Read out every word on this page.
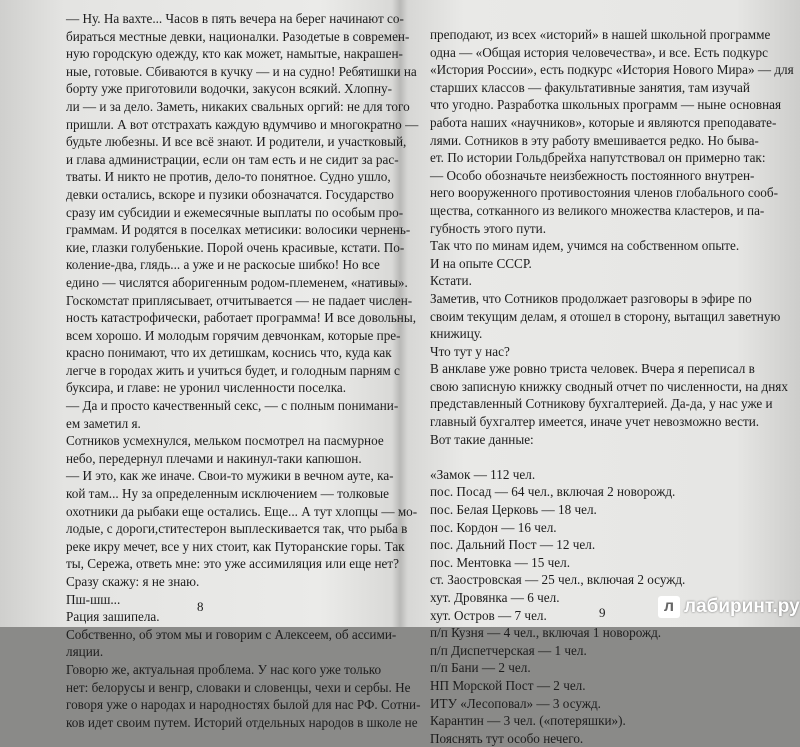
— Ну. На вахте... Часов в пять вечера на берег начинают со-
бираться местные девки, националки. Разодетые в современ-
ную городскую одежду, кто как может, намытые, накрашен-
ные, готовые. Сбиваются в кучку — и на судно! Ребятишки на
борту уже приготовили водочки, закусон всякий. Хлопну-
ли — и за дело. Заметь, никаких свальных оргий: не для того
пришли. А вот отстрахать каждую вдумчиво и многократно —
будьте любезны. И все всё знают. И родители, и участковый,
и глава администрации, если он там есть и не сидит за рас-
тваты. И никто не против, дело-то понятное. Судно ушло,
девки остались, вскоре и пузики обозначатся. Государство
сразу им субсидии и ежемесячные выплаты по особым про-
граммам. И родятся в поселках метисики: волосики чернень-
кие, глазки голубенькие. Порой очень красивые, кстати. По-
коление-два, глядь... а уже и не раскосые шибко! Но все
едино — числятся аборигенным родом-племенем, «нативы».
Госкомстат приплясывает, отчитывается — не падает числен-
ность катастрофически, работает программа! И все довольны,
всем хорошо. И молодым горячим девчонкам, которые пре-
красно понимают, что их детишкам, коснись что, куда как
легче в городах жить и учиться будет, и голодным парням с
буксира, и главе: не уронил численности поселка.
— Да и просто качественный секс, — с полным понимани-
ем заметил я.
Сотников усмехнулся, мельком посмотрел на пасмурное
небо, передернул плечами и накинул-таки капюшон.
— И это, как же иначе. Свои-то мужики в вечном ауте, ка-
кой там... Ну за определенным исключением — толковые
охотники да рыбаки еще остались. Еще... А тут хлопцы — мо-
лодые, с дороги,ститестерон выплескивается так, что рыба в
реке икру мечет, все у них стоит, как Путоранские горы. Так
ты, Сережа, ответь мне: это уже ассимиляция или еще нет?
Сразу скажу: я не знаю.
Пш-шш...
Рация зашипела.
Собственно, об этом мы и говорим с Алексеем, об ассими-
ляции.
Говорю же, актуальная проблема. У нас кого уже только
нет: белорусы и венгр, словаки и словенцы, чехи и сербы. Не
говоря уже о народах и народностях былой для нас РФ. Сотни-
ков идет своим путем. Историй отдельных народов в школе не
8
преподают, из всех «историй» в нашей школьной программе
одна — «Общая история человечества», и все. Есть подкурс
«История России», есть подкурс «История Нового Мира» — для
старших классов — факультативные занятия, там изучай
что угодно. Разработка школьных программ — ныне основная
работа наших «научников», которые и являются преподавате-
лями. Сотников в эту работу вмешивается редко. Но быва-
ет. По истории Гольдбрейха напутствовал он примерно так:
— Особо обозначьте неизбежность постоянного внутрен-
него вооруженного противостояния членов глобального сооб-
щества, сотканного из великого множества кластеров, и па-
губность этого пути.
Так что по минам идем, учимся на собственном опыте.
И на опыте СССР.
Кстати.
Заметив, что Сотников продолжает разговоры в эфире по
своим текущим делам, я отошел в сторону, вытащил заветную
книжицу.
Что тут у нас?
В анклаве уже ровно триста человек. Вчера я переписал в
свою записную книжку сводный отчет по численности, на днях
представленный Сотникову бухгалтерией. Да-да, у нас уже и
главный бухгалтер имеется, иначе учет невозможно вести.
Вот такие данные:

«Замок — 112 чел.
пос. Посад — 64 чел., включая 2 новорожд.
пос. Белая Церковь — 18 чел.
пос. Кордон — 16 чел.
пос. Дальний Пост — 12 чел.
пос. Ментовка — 15 чел.
ст. Заостровская — 25 чел., включая 2 осужд.
хут. Дровянка — 6 чел.
хут. Остров — 7 чел.
п/п Кузня — 4 чел., включая 1 новорожд.
п/п Диспетчерская — 1 чел.
п/п Бани — 2 чел.
НП Морской Пост — 2 чел.
ИТУ «Лесоповал» — 3 осужд.
Карантин — 3 чел. («потеряшки»).
Пояснять тут особо нечего.
9	л лабиринт.ру
